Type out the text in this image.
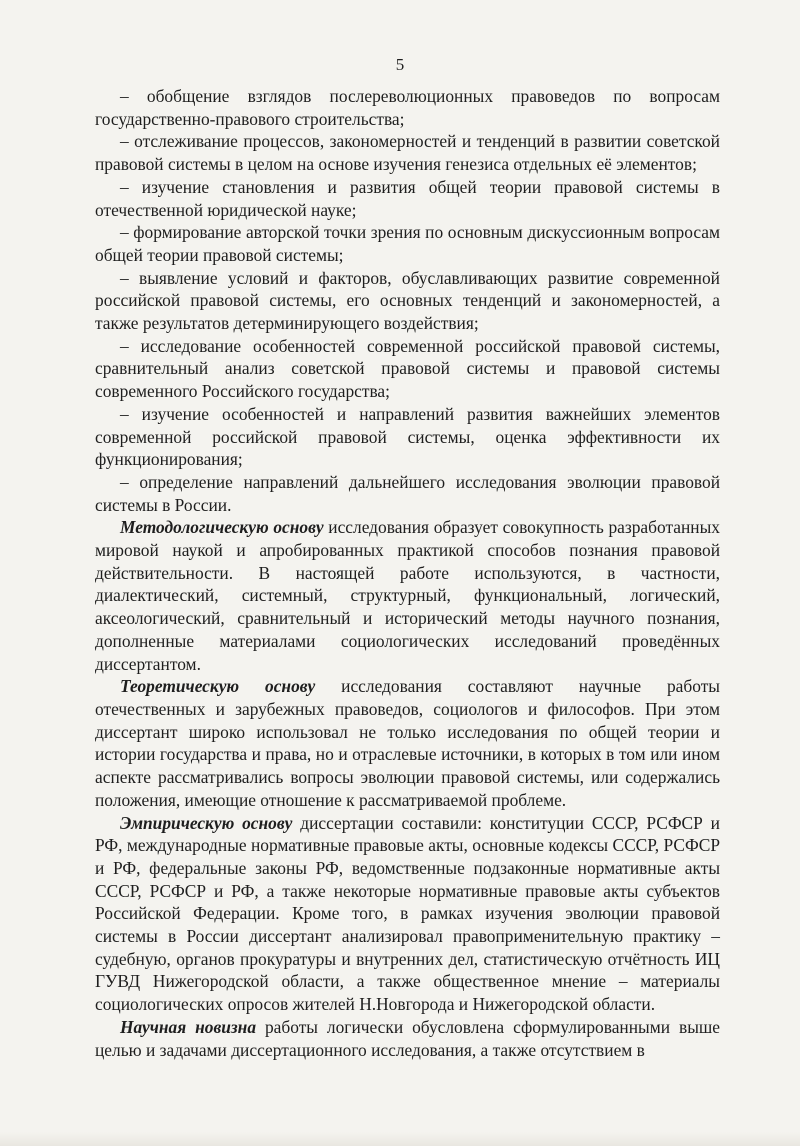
5

– обобщение взглядов послереволюционных правоведов по вопросам государственно-правового строительства;

– отслеживание процессов, закономерностей и тенденций в развитии советской правовой системы в целом на основе изучения генезиса отдельных её элементов;

– изучение становления и развития общей теории правовой системы в отечественной юридической науке;

– формирование авторской точки зрения по основным дискуссионным вопросам общей теории правовой системы;

– выявление условий и факторов, обуславливающих развитие современной российской правовой системы, его основных тенденций и закономерностей, а также результатов детерминирующего воздействия;

– исследование особенностей современной российской правовой системы, сравнительный анализ советской правовой системы и правовой системы современного Российского государства;

– изучение особенностей и направлений развития важнейших элементов современной российской правовой системы, оценка эффективности их функционирования;

– определение направлений дальнейшего исследования эволюции правовой системы в России.

Методологическую основу исследования образует совокупность разработанных мировой наукой и апробированных практикой способов познания правовой действительности. В настоящей работе используются, в частности, диалектический, системный, структурный, функциональный, логический, аксеологический, сравнительный и исторический методы научного познания, дополненные материалами социологических исследований проведённых диссертантом.

Теоретическую основу исследования составляют научные работы отечественных и зарубежных правоведов, социологов и философов. При этом диссертант широко использовал не только исследования по общей теории и истории государства и права, но и отраслевые источники, в которых в том или ином аспекте рассматривались вопросы эволюции правовой системы, или содержались положения, имеющие отношение к рассматриваемой проблеме.

Эмпирическую основу диссертации составили: конституции СССР, РСФСР и РФ, международные нормативные правовые акты, основные кодексы СССР, РСФСР и РФ, федеральные законы РФ, ведомственные подзаконные нормативные акты СССР, РСФСР и РФ, а также некоторые нормативные правовые акты субъектов Российской Федерации. Кроме того, в рамках изучения эволюции правовой системы в России диссертант анализировал правоприменительную практику – судебную, органов прокуратуры и внутренних дел, статистическую отчётность ИЦ ГУВД Нижегородской области, а также общественное мнение – материалы социологических опросов жителей Н.Новгорода и Нижегородской области.

Научная новизна работы логически обусловлена сформулированными выше целью и задачами диссертационного исследования, а также отсутствием в
